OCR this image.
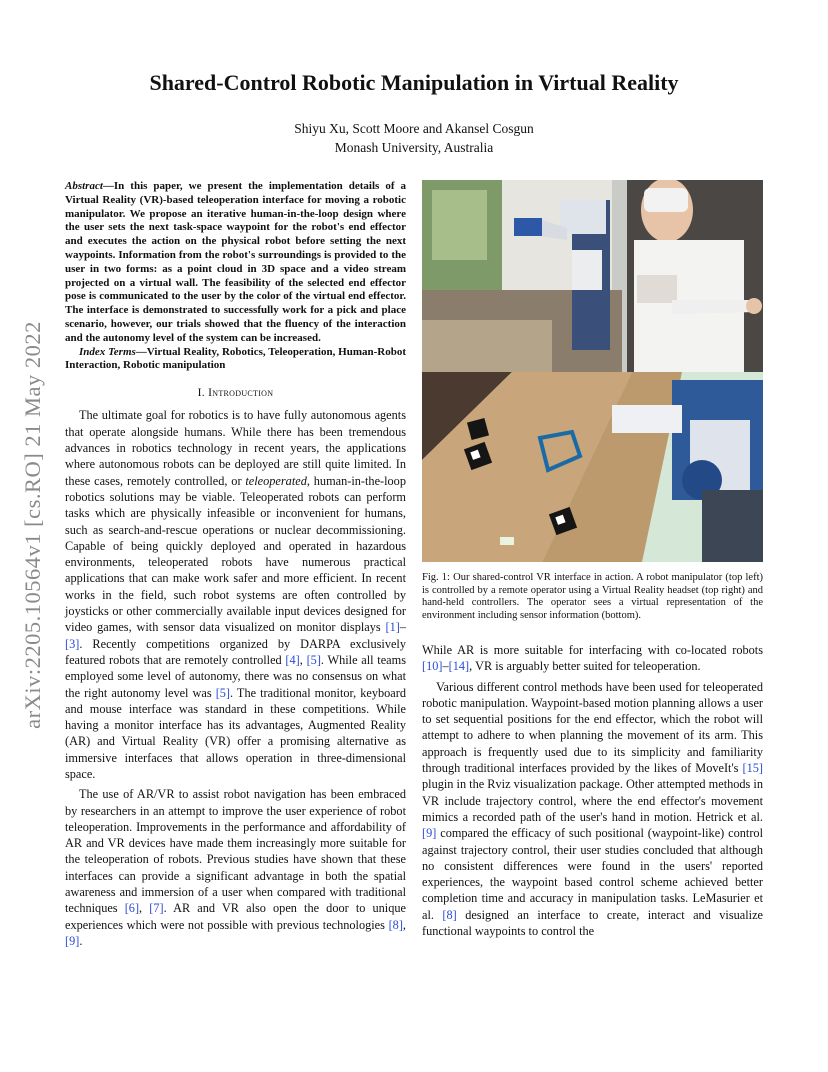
arXiv:2205.10564v1 [cs.RO] 21 May 2022
Shared-Control Robotic Manipulation in Virtual Reality
Shiyu Xu, Scott Moore and Akansel Cosgun
Monash University, Australia

Abstract—In this paper, we present the implementation details of a Virtual Reality (VR)-based teleoperation interface for moving a robotic manipulator. We propose an iterative human-in-the-loop design where the user sets the next task-space waypoint for the robot's end effector and executes the action on the physical robot before setting the next waypoints. Information from the robot's surroundings is provided to the user in two forms: as a point cloud in 3D space and a video stream projected on a virtual wall. The feasibility of the selected end effector pose is communicated to the user by the color of the virtual end effector. The interface is demonstrated to successfully work for a pick and place scenario, however, our trials showed that the fluency of the interaction and the autonomy level of the system can be increased.

Index Terms—Virtual Reality, Robotics, Teleoperation, Human-Robot Interaction, Robotic manipulation

I. Introduction

The ultimate goal for robotics is to have fully autonomous agents that operate alongside humans. While there has been tremendous advances in robotics technology in recent years, the applications where autonomous robots can be deployed are still quite limited. In these cases, remotely controlled, or teleoperated, human-in-the-loop robotics solutions may be viable. Teleoperated robots can perform tasks which are physically infeasible or inconvenient for humans, such as search-and-rescue operations or nuclear decommissioning. Capable of being quickly deployed and operated in hazardous environments, teleoperated robots have numerous practical applications that can make work safer and more efficient. In recent works in the field, such robot systems are often controlled by joysticks or other commercially available input devices designed for video games, with sensor data visualized on monitor displays [1]–[3]. Recently competitions organized by DARPA exclusively featured robots that are remotely controlled [4], [5]. While all teams employed some level of autonomy, there was no consensus on what the right autonomy level was [5]. The traditional monitor, keyboard and mouse interface was standard in these competitions. While having a monitor interface has its advantages, Augmented Reality (AR) and Virtual Reality (VR) offer a promising alternative as immersive interfaces that allows operation in three-dimensional space.

The use of AR/VR to assist robot navigation has been embraced by researchers in an attempt to improve the user experience of robot teleoperation. Improvements in the performance and affordability of AR and VR devices have made them increasingly more suitable for the teleoperation of robots. Previous studies have shown that these interfaces can provide a significant advantage in both the spatial awareness and immersion of a user when compared with traditional techniques [6], [7]. AR and VR also open the door to unique experiences which were not possible with previous technologies [8], [9].

Fig. 1: Our shared-control VR interface in action. A robot manipulator (top left) is controlled by a remote operator using a Virtual Reality headset (top right) and hand-held controllers. The operator sees a virtual representation of the environment including sensor information (bottom).

While AR is more suitable for interfacing with co-located robots [10]–[14], VR is arguably better suited for teleoperation.

Various different control methods have been used for teleoperated robotic manipulation. Waypoint-based motion planning allows a user to set sequential positions for the end effector, which the robot will attempt to adhere to when planning the movement of its arm. This approach is frequently used due to its simplicity and familiarity through traditional interfaces provided by the likes of MoveIt's [15] plugin in the Rviz visualization package. Other attempted methods in VR include trajectory control, where the end effector's movement mimics a recorded path of the user's hand in motion. Hetrick et al. [9] compared the efficacy of such positional (waypoint-like) control against trajectory control, their user studies concluded that although no consistent differences were found in the users' reported experiences, the waypoint based control scheme achieved better completion time and accuracy in manipulation tasks. LeMasurier et al. [8] designed an interface to create, interact and visualize functional waypoints to control the
